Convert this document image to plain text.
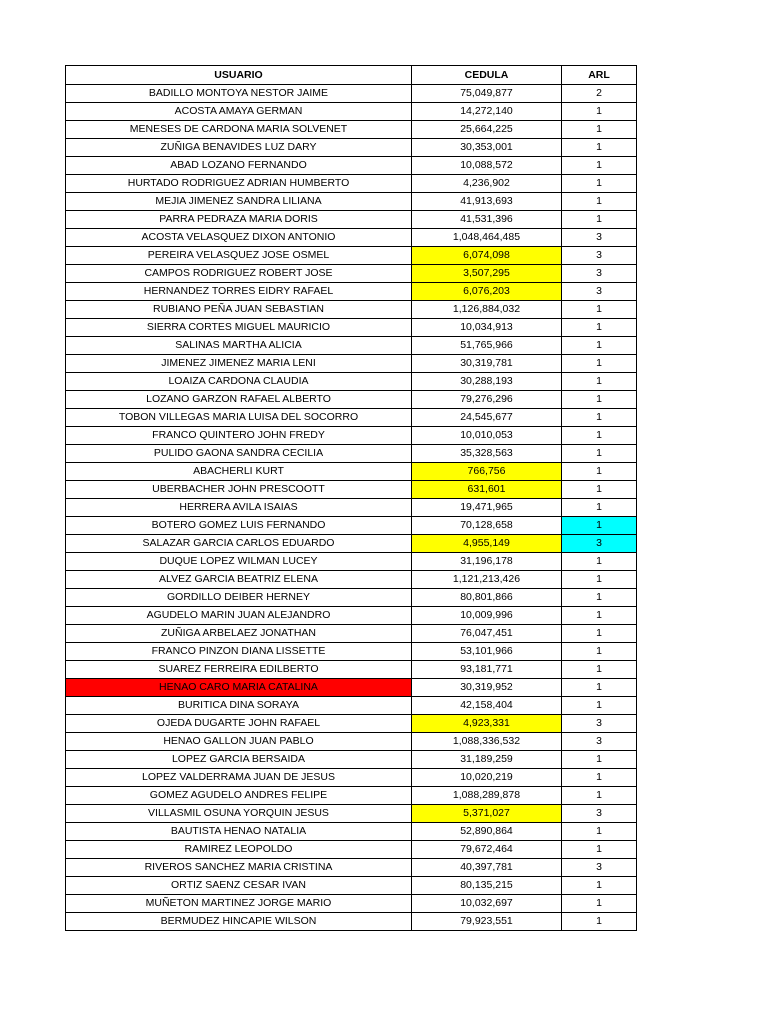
USUARIO	CEDULA	ARL
BADILLO MONTOYA NESTOR JAIME	75,049,877	2
ACOSTA AMAYA GERMAN	14,272,140	1
MENESES DE CARDONA MARIA SOLVENET	25,664,225	1
ZUÑIGA BENAVIDES LUZ DARY	30,353,001	1
ABAD LOZANO FERNANDO	10,088,572	1
HURTADO RODRIGUEZ ADRIAN HUMBERTO	4,236,902	1
MEJIA JIMENEZ SANDRA LILIANA	41,913,693	1
PARRA PEDRAZA MARIA DORIS	41,531,396	1
ACOSTA VELASQUEZ DIXON ANTONIO	1,048,464,485	3
PEREIRA VELASQUEZ JOSE OSMEL	6,074,098	3
CAMPOS RODRIGUEZ ROBERT JOSE	3,507,295	3
HERNANDEZ TORRES EIDRY RAFAEL	6,076,203	3
RUBIANO PEÑA JUAN SEBASTIAN	1,126,884,032	1
SIERRA CORTES MIGUEL MAURICIO	10,034,913	1
SALINAS MARTHA ALICIA	51,765,966	1
JIMENEZ JIMENEZ MARIA LENI	30,319,781	1
LOAIZA CARDONA CLAUDIA	30,288,193	1
LOZANO GARZON RAFAEL ALBERTO	79,276,296	1
TOBON VILLEGAS MARIA LUISA DEL SOCORRO	24,545,677	1
FRANCO QUINTERO JOHN FREDY	10,010,053	1
PULIDO GAONA SANDRA CECILIA	35,328,563	1
ABACHERLI KURT	766,756	1
UBERBACHER JOHN PRESCOOTT	631,601	1
HERRERA AVILA ISAIAS	19,471,965	1
BOTERO GOMEZ LUIS FERNANDO	70,128,658	1
SALAZAR GARCIA CARLOS EDUARDO	4,955,149	3
DUQUE LOPEZ WILMAN LUCEY	31,196,178	1
ALVEZ GARCIA BEATRIZ ELENA	1,121,213,426	1
GORDILLO DEIBER HERNEY	80,801,866	1
AGUDELO MARIN JUAN ALEJANDRO	10,009,996	1
ZUÑIGA ARBELAEZ JONATHAN	76,047,451	1
FRANCO PINZON DIANA LISSETTE	53,101,966	1
SUAREZ FERREIRA EDILBERTO	93,181,771	1
HENAO CARO MARIA CATALINA	30,319,952	1
BURITICA DINA SORAYA	42,158,404	1
OJEDA DUGARTE JOHN RAFAEL	4,923,331	3
HENAO GALLON JUAN PABLO	1,088,336,532	3
LOPEZ GARCIA BERSAIDA	31,189,259	1
LOPEZ VALDERRAMA JUAN DE JESUS	10,020,219	1
GOMEZ AGUDELO ANDRES FELIPE	1,088,289,878	1
VILLASMIL OSUNA YORQUIN JESUS	5,371,027	3
BAUTISTA HENAO NATALIA	52,890,864	1
RAMIREZ LEOPOLDO	79,672,464	1
RIVEROS SANCHEZ MARIA CRISTINA	40,397,781	3
ORTIZ SAENZ CESAR IVAN	80,135,215	1
MUÑETON MARTINEZ JORGE MARIO	10,032,697	1
BERMUDEZ HINCAPIE WILSON	79,923,551	1
